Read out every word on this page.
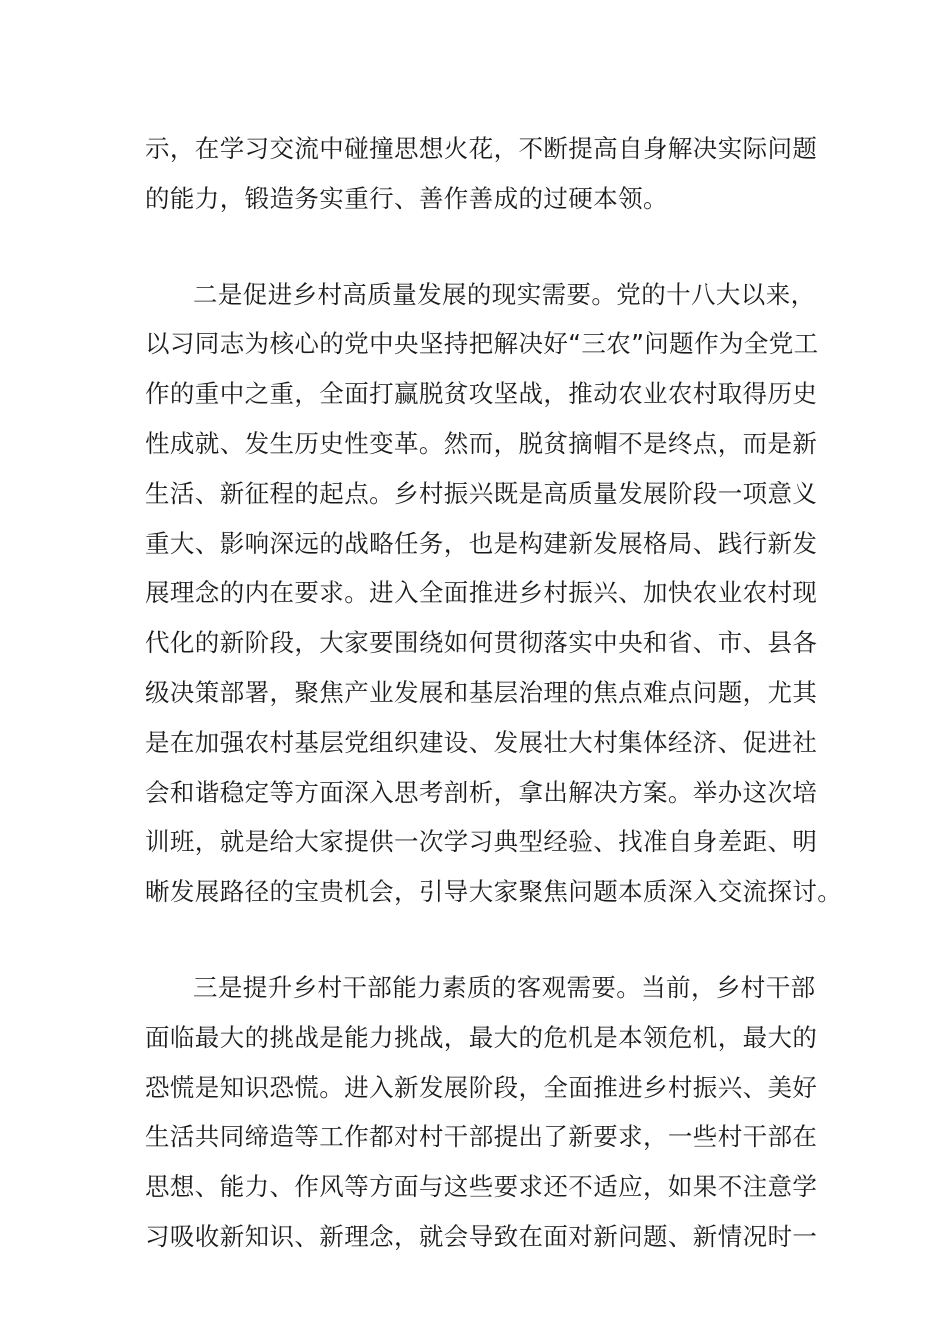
示，在学习交流中碰撞思想火花，不断提高自身解决实际问题
的能力，锻造务实重行、善作善成的过硬本领。
二是促进乡村高质量发展的现实需要。党的十八大以来，
以习同志为核心的党中央坚持把解决好“三农”问题作为全党工
作的重中之重，全面打赢脱贫攻坚战，推动农业农村取得历史
性成就、发生历史性变革。然而，脱贫摘帽不是终点，而是新
生活、新征程的起点。乡村振兴既是高质量发展阶段一项意义
重大、影响深远的战略任务，也是构建新发展格局、践行新发
展理念的内在要求。进入全面推进乡村振兴、加快农业农村现
代化的新阶段，大家要围绕如何贯彻落实中央和省、市、县各
级决策部署，聚焦产业发展和基层治理的焦点难点问题，尤其
是在加强农村基层党组织建设、发展壮大村集体经济、促进社
会和谐稳定等方面深入思考剖析，拿出解决方案。举办这次培
训班，就是给大家提供一次学习典型经验、找准自身差距、明
晰发展路径的宝贵机会，引导大家聚焦问题本质深入交流探讨。
三是提升乡村干部能力素质的客观需要。当前，乡村干部
面临最大的挑战是能力挑战，最大的危机是本领危机，最大的
恐慌是知识恐慌。进入新发展阶段，全面推进乡村振兴、美好
生活共同缔造等工作都对村干部提出了新要求，一些村干部在
思想、能力、作风等方面与这些要求还不适应，如果不注意学
习吸收新知识、新理念，就会导致在面对新问题、新情况时一
